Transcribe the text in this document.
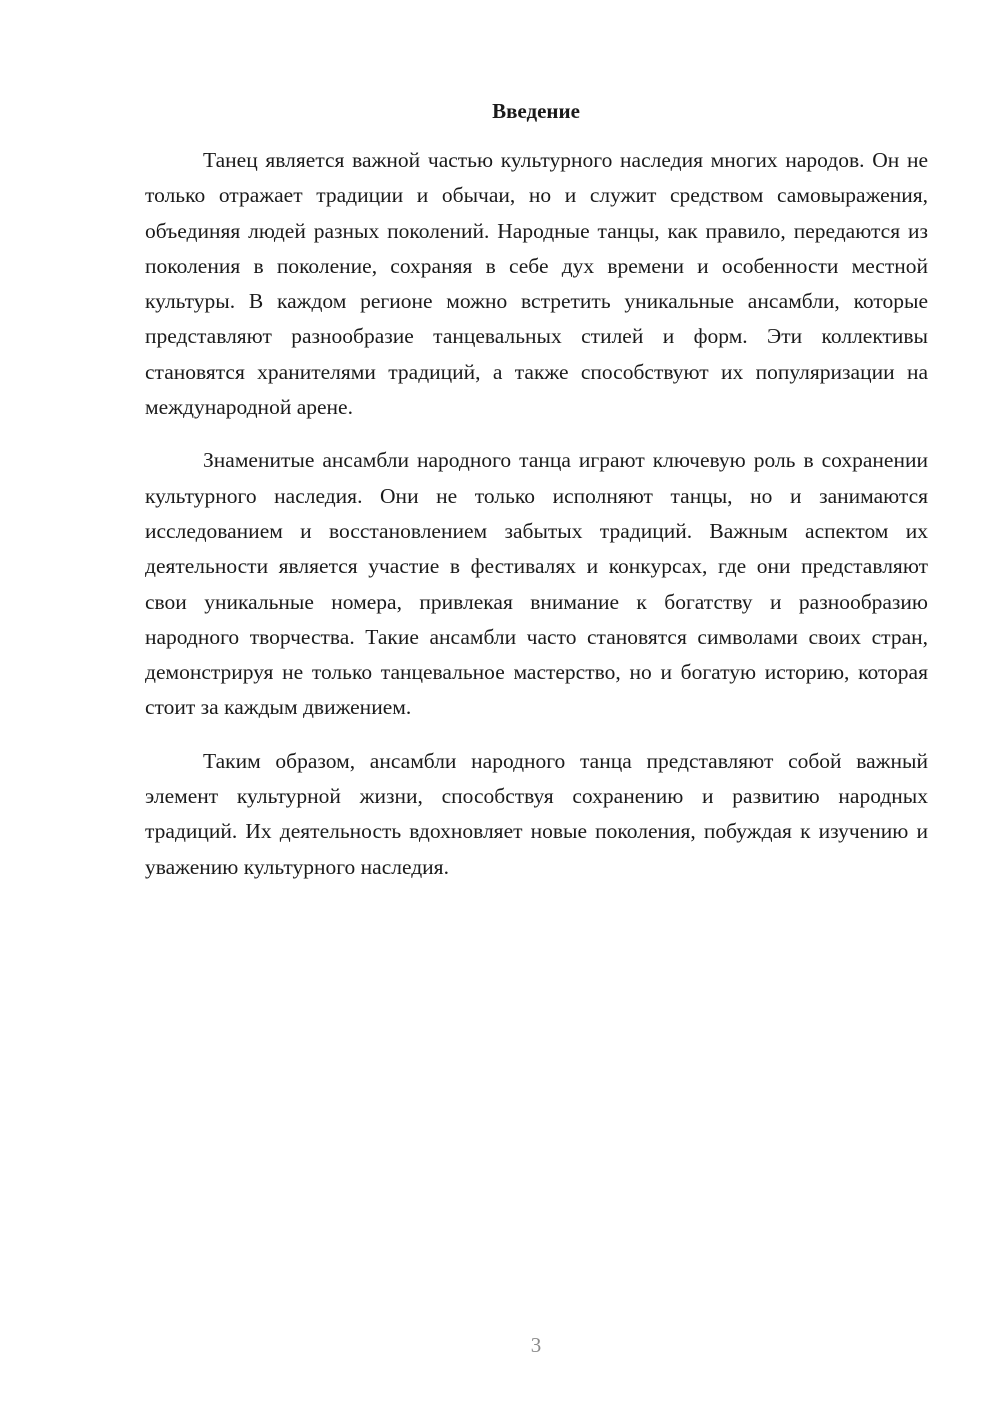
Введение

Танец является важной частью культурного наследия многих народов. Он не только отражает традиции и обычаи, но и служит средством самовыражения, объединяя людей разных поколений. Народные танцы, как правило, передаются из поколения в поколение, сохраняя в себе дух времени и особенности местной культуры. В каждом регионе можно встретить уникальные ансамбли, которые представляют разнообразие танцевальных стилей и форм. Эти коллективы становятся хранителями традиций, а также способствуют их популяризации на международной арене.

Знаменитые ансамбли народного танца играют ключевую роль в сохранении культурного наследия. Они не только исполняют танцы, но и занимаются исследованием и восстановлением забытых традиций. Важным аспектом их деятельности является участие в фестивалях и конкурсах, где они представляют свои уникальные номера, привлекая внимание к богатству и разнообразию народного творчества. Такие ансамбли часто становятся символами своих стран, демонстрируя не только танцевальное мастерство, но и богатую историю, которая стоит за каждым движением.

Таким образом, ансамбли народного танца представляют собой важный элемент культурной жизни, способствуя сохранению и развитию народных традиций. Их деятельность вдохновляет новые поколения, побуждая к изучению и уважению культурного наследия.

3
